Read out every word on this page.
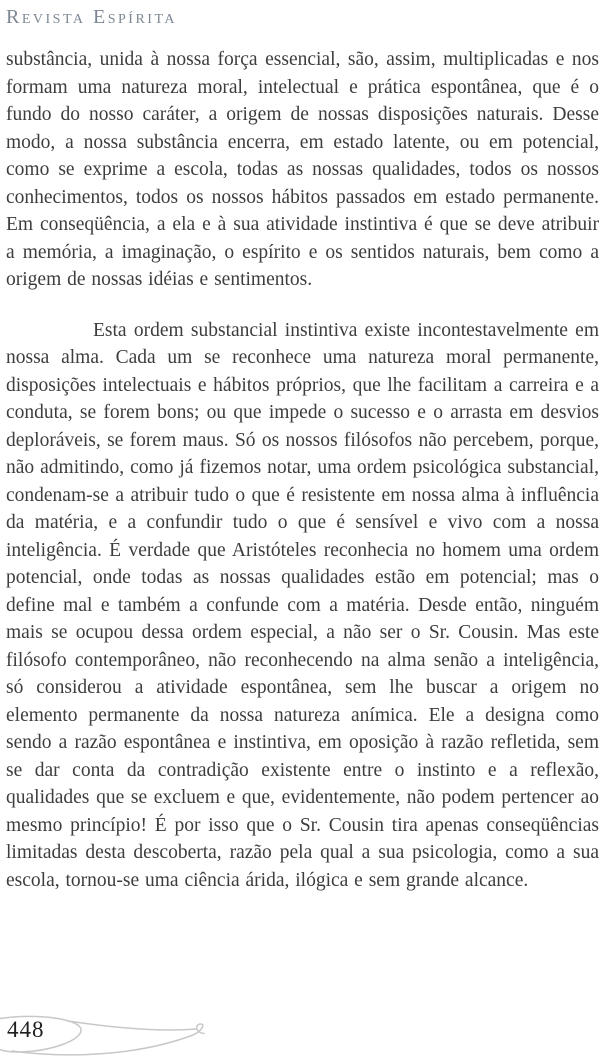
Revista Espírita

substância, unida à nossa força essencial, são, assim, multiplicadas e nos formam uma natureza moral, intelectual e prática espontânea, que é o fundo do nosso caráter, a origem de nossas disposições naturais. Desse modo, a nossa substância encerra, em estado latente, ou em potencial, como se exprime a escola, todas as nossas qualidades, todos os nossos conhecimentos, todos os nossos hábitos passados em estado permanente. Em conseqüência, a ela e à sua atividade instintiva é que se deve atribuir a memória, a imaginação, o espírito e os sentidos naturais, bem como a origem de nossas idéias e sentimentos.

Esta ordem substancial instintiva existe incontestavelmente em nossa alma. Cada um se reconhece uma natureza moral permanente, disposições intelectuais e hábitos próprios, que lhe facilitam a carreira e a conduta, se forem bons; ou que impede o sucesso e o arrasta em desvios deploráveis, se forem maus. Só os nossos filósofos não percebem, porque, não admitindo, como já fizemos notar, uma ordem psicológica substancial, condenam-se a atribuir tudo o que é resistente em nossa alma à influência da matéria, e a confundir tudo o que é sensível e vivo com a nossa inteligência. É verdade que Aristóteles reconhecia no homem uma ordem potencial, onde todas as nossas qualidades estão em potencial; mas o define mal e também a confunde com a matéria. Desde então, ninguém mais se ocupou dessa ordem especial, a não ser o Sr. Cousin. Mas este filósofo contemporâneo, não reconhecendo na alma senão a inteligência, só considerou a atividade espontânea, sem lhe buscar a origem no elemento permanente da nossa natureza anímica. Ele a designa como sendo a razão espontânea e instintiva, em oposição à razão refletida, sem se dar conta da contradição existente entre o instinto e a reflexão, qualidades que se excluem e que, evidentemente, não podem pertencer ao mesmo princípio! É por isso que o Sr. Cousin tira apenas conseqüências limitadas desta descoberta, razão pela qual a sua psicologia, como a sua escola, tornou-se uma ciência árida, ilógica e sem grande alcance.

448
